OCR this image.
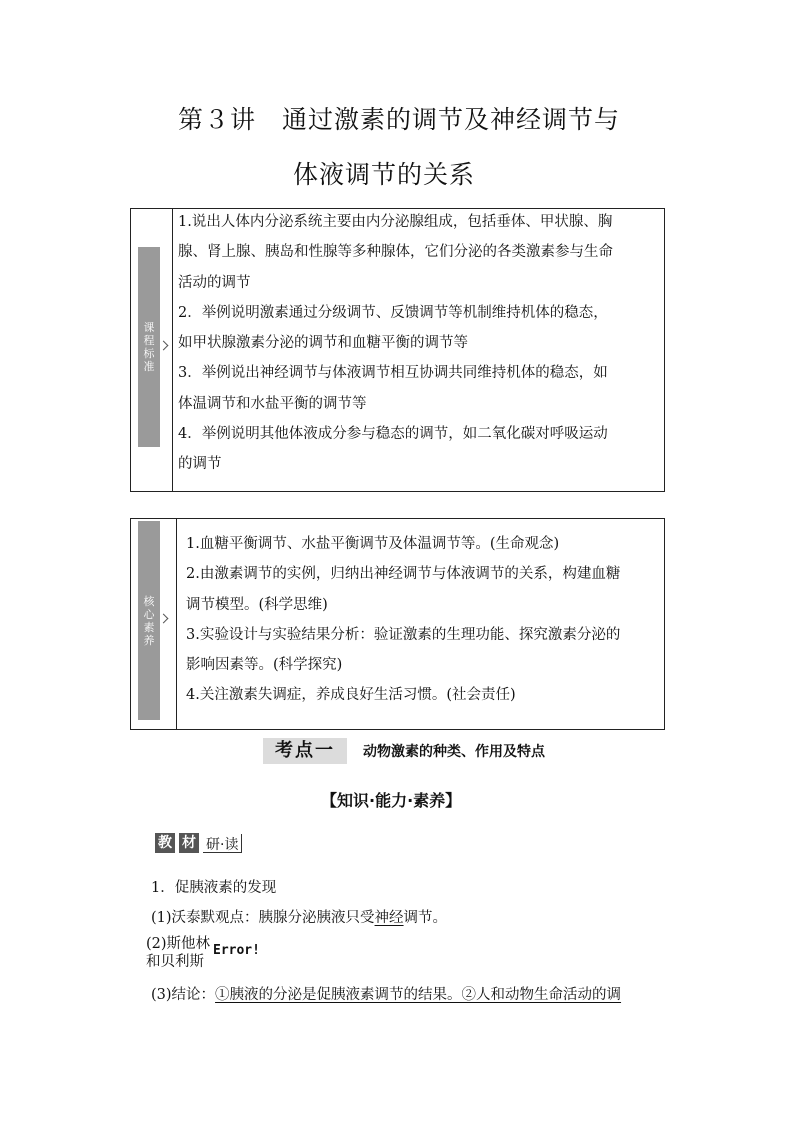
第３讲　通过激素的调节及神经调节与
体液调节的关系
课程标准

1.说出人体内分泌系统主要由内分泌腺组成，包括垂体、甲状腺、胸

腺、肾上腺、胰岛和性腺等多种腺体，它们分泌的各类激素参与生命

活动的调节

2．举例说明激素通过分级调节、反馈调节等机制维持机体的稳态，

如甲状腺激素分泌的调节和血糖平衡的调节等

3．举例说出神经调节与体液调节相互协调共同维持机体的稳态，如

体温调节和水盐平衡的调节等

4．举例说明其他体液成分参与稳态的调节，如二氧化碳对呼吸运动

的调节

核心素养

1.血糖平衡调节、水盐平衡调节及体温调节等。(生命观念)

2.由激素调节的实例，归纳出神经调节与体液调节的关系，构建血糖

调节模型。(科学思维)

3.实验设计与实验结果分析：验证激素的生理功能、探究激素分泌的

影响因素等。(科学探究)

4.关注激素失调症，养成良好生活习惯。(社会责任)

考点一	动物激素的种类、作用及特点
【知识·能力·素养】
教 材 研·读
1．促胰液素的发现
(1)沃泰默观点：胰腺分泌胰液只受神经调节。
(2)斯他林
和贝利斯
Error!
(3)结论：①胰液的分泌是促胰液素调节的结果。②人和动物生命活动的调
